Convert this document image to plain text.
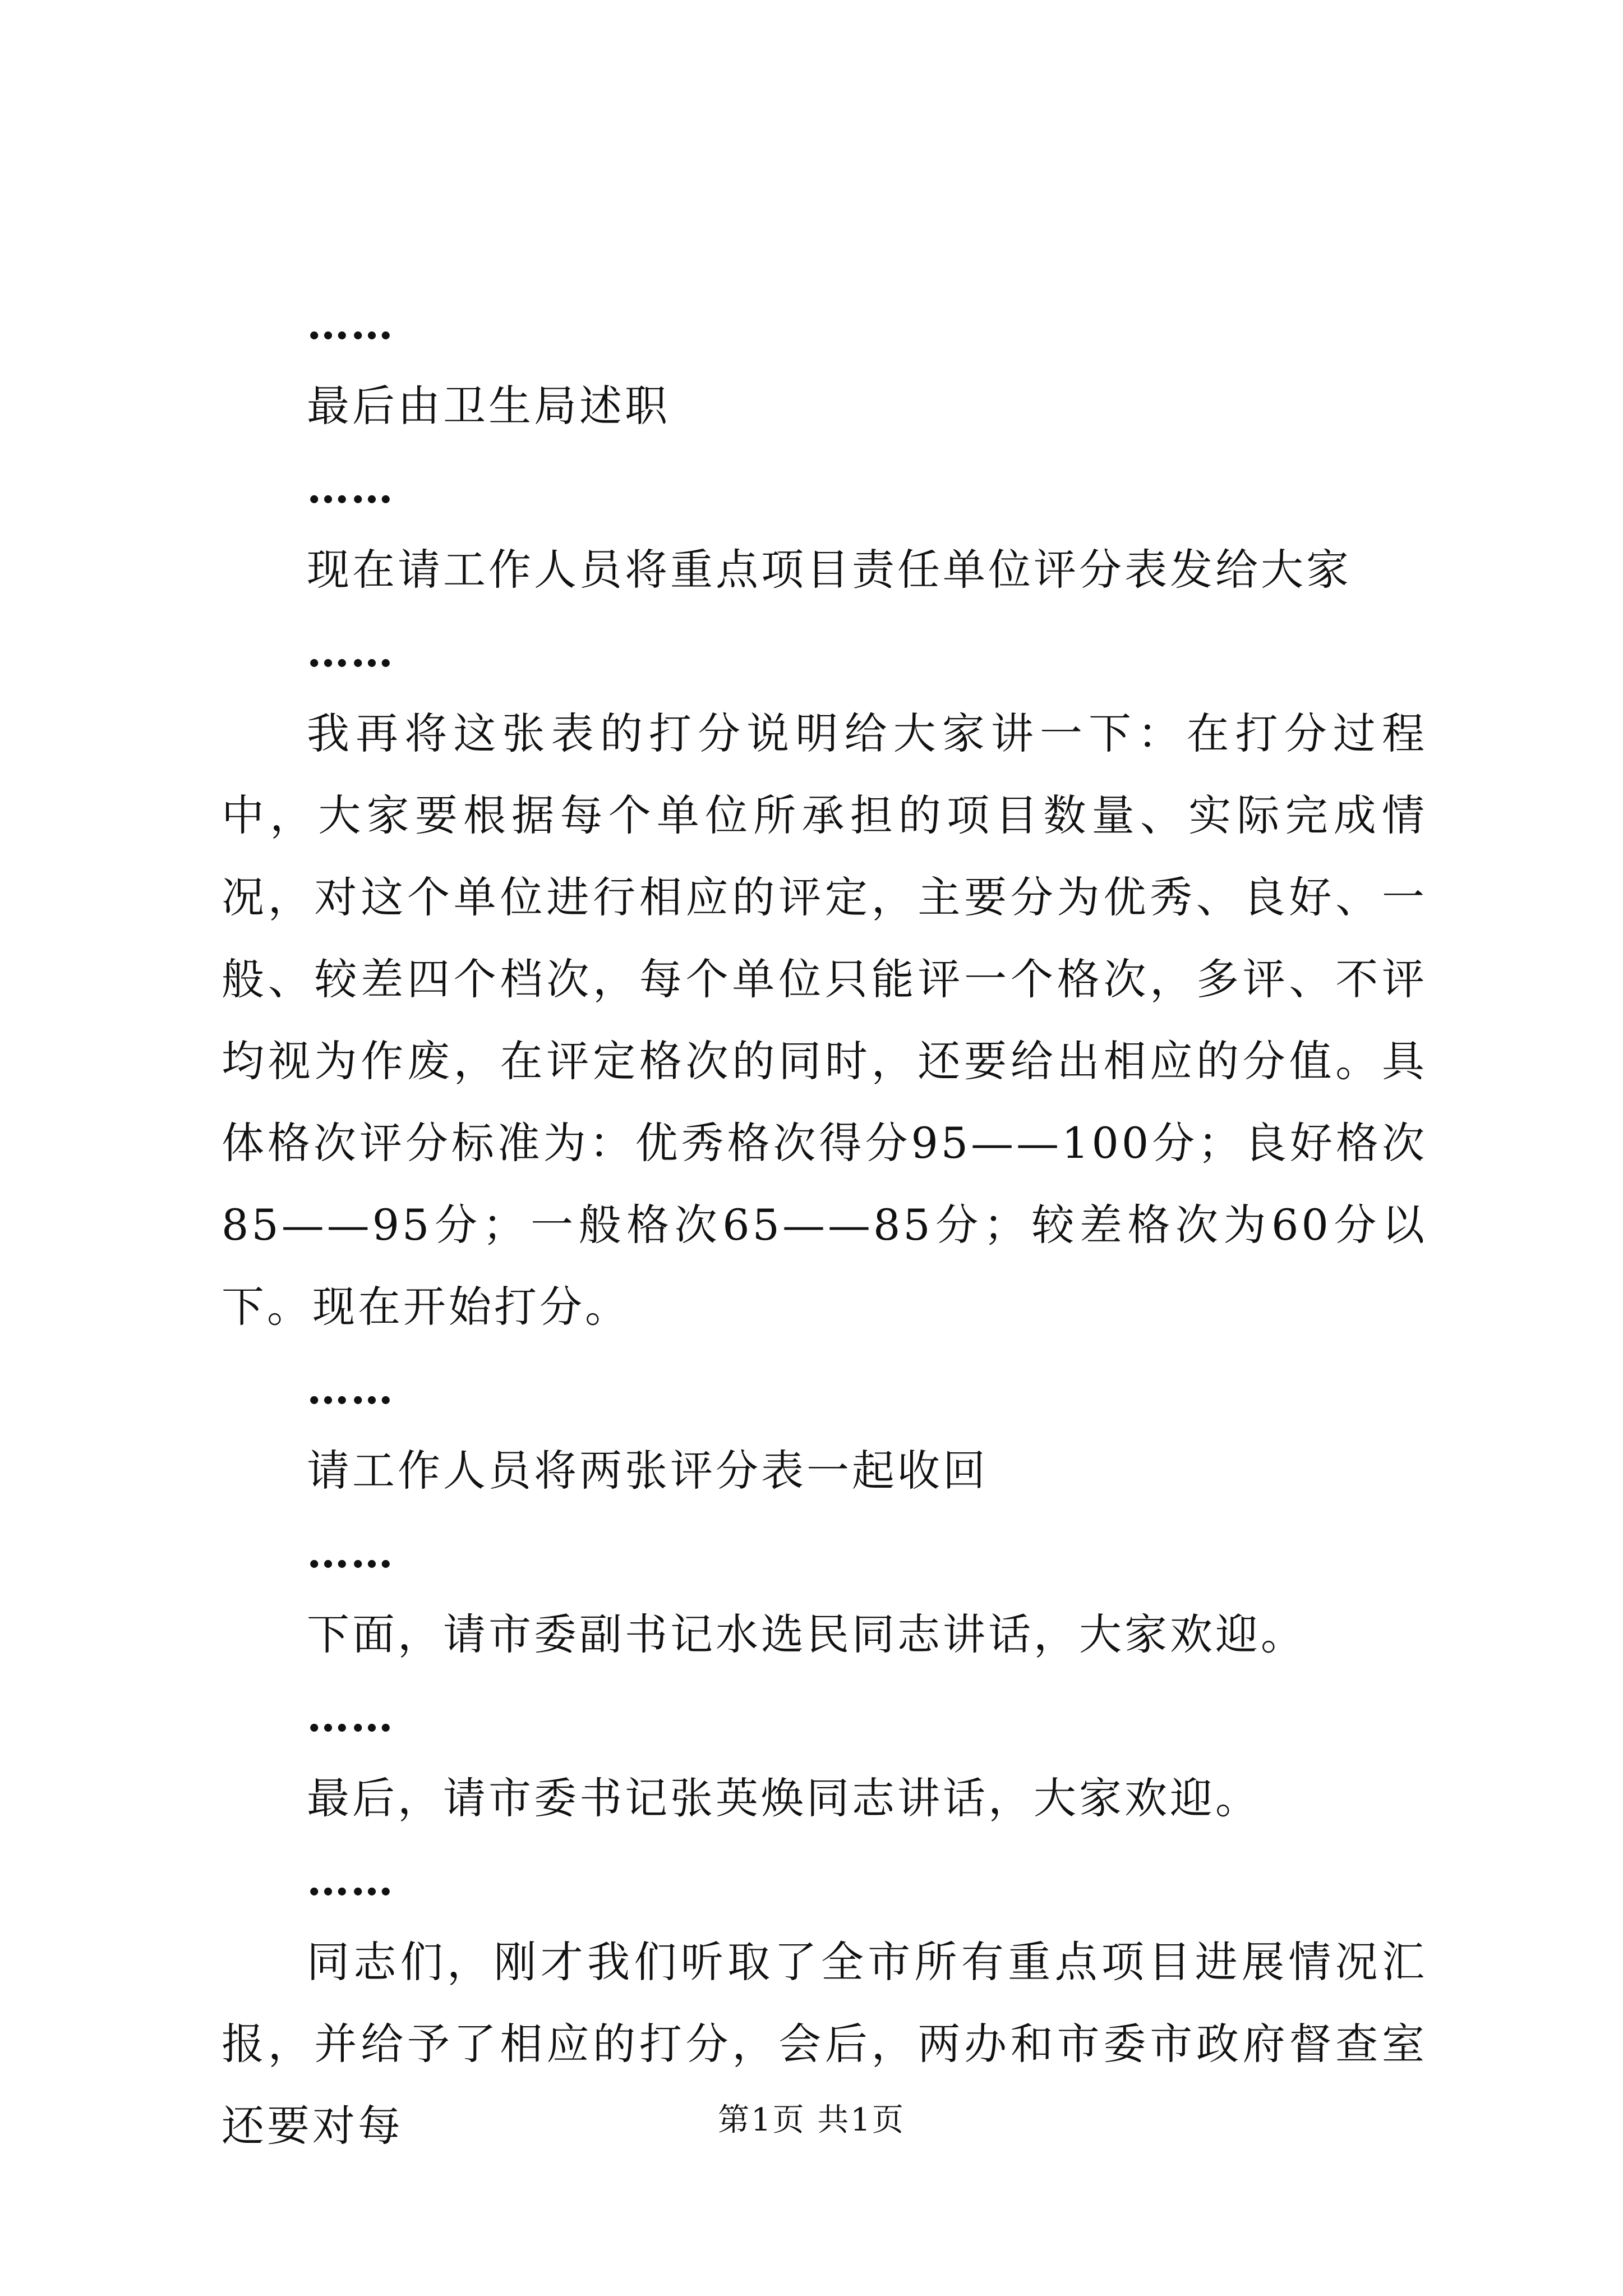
……
最后由卫生局述职
……
现在请工作人员将重点项目责任单位评分表发给大家
……

我再将这张表的打分说明给大家讲一下：在打分过程中，大家要根据每个单位所承担的项目数量、实际完成情况，对这个单位进行相应的评定，主要分为优秀、良好、一般、较差四个档次，每个单位只能评一个格次，多评、不评均视为作废，在评定格次的同时，还要给出相应的分值。具体格次评分标准为：优秀格次得分95——100分；良好格次85——95分；一般格次65——85分；较差格次为60分以下。现在开始打分。

……
请工作人员将两张评分表一起收回
……
下面，请市委副书记水选民同志讲话，大家欢迎。
……
最后，请市委书记张英焕同志讲话，大家欢迎。
……

同志们，刚才我们听取了全市所有重点项目进展情况汇报，并给予了相应的打分，会后，两办和市委市政府督查室还要对每	第1页 共1页
